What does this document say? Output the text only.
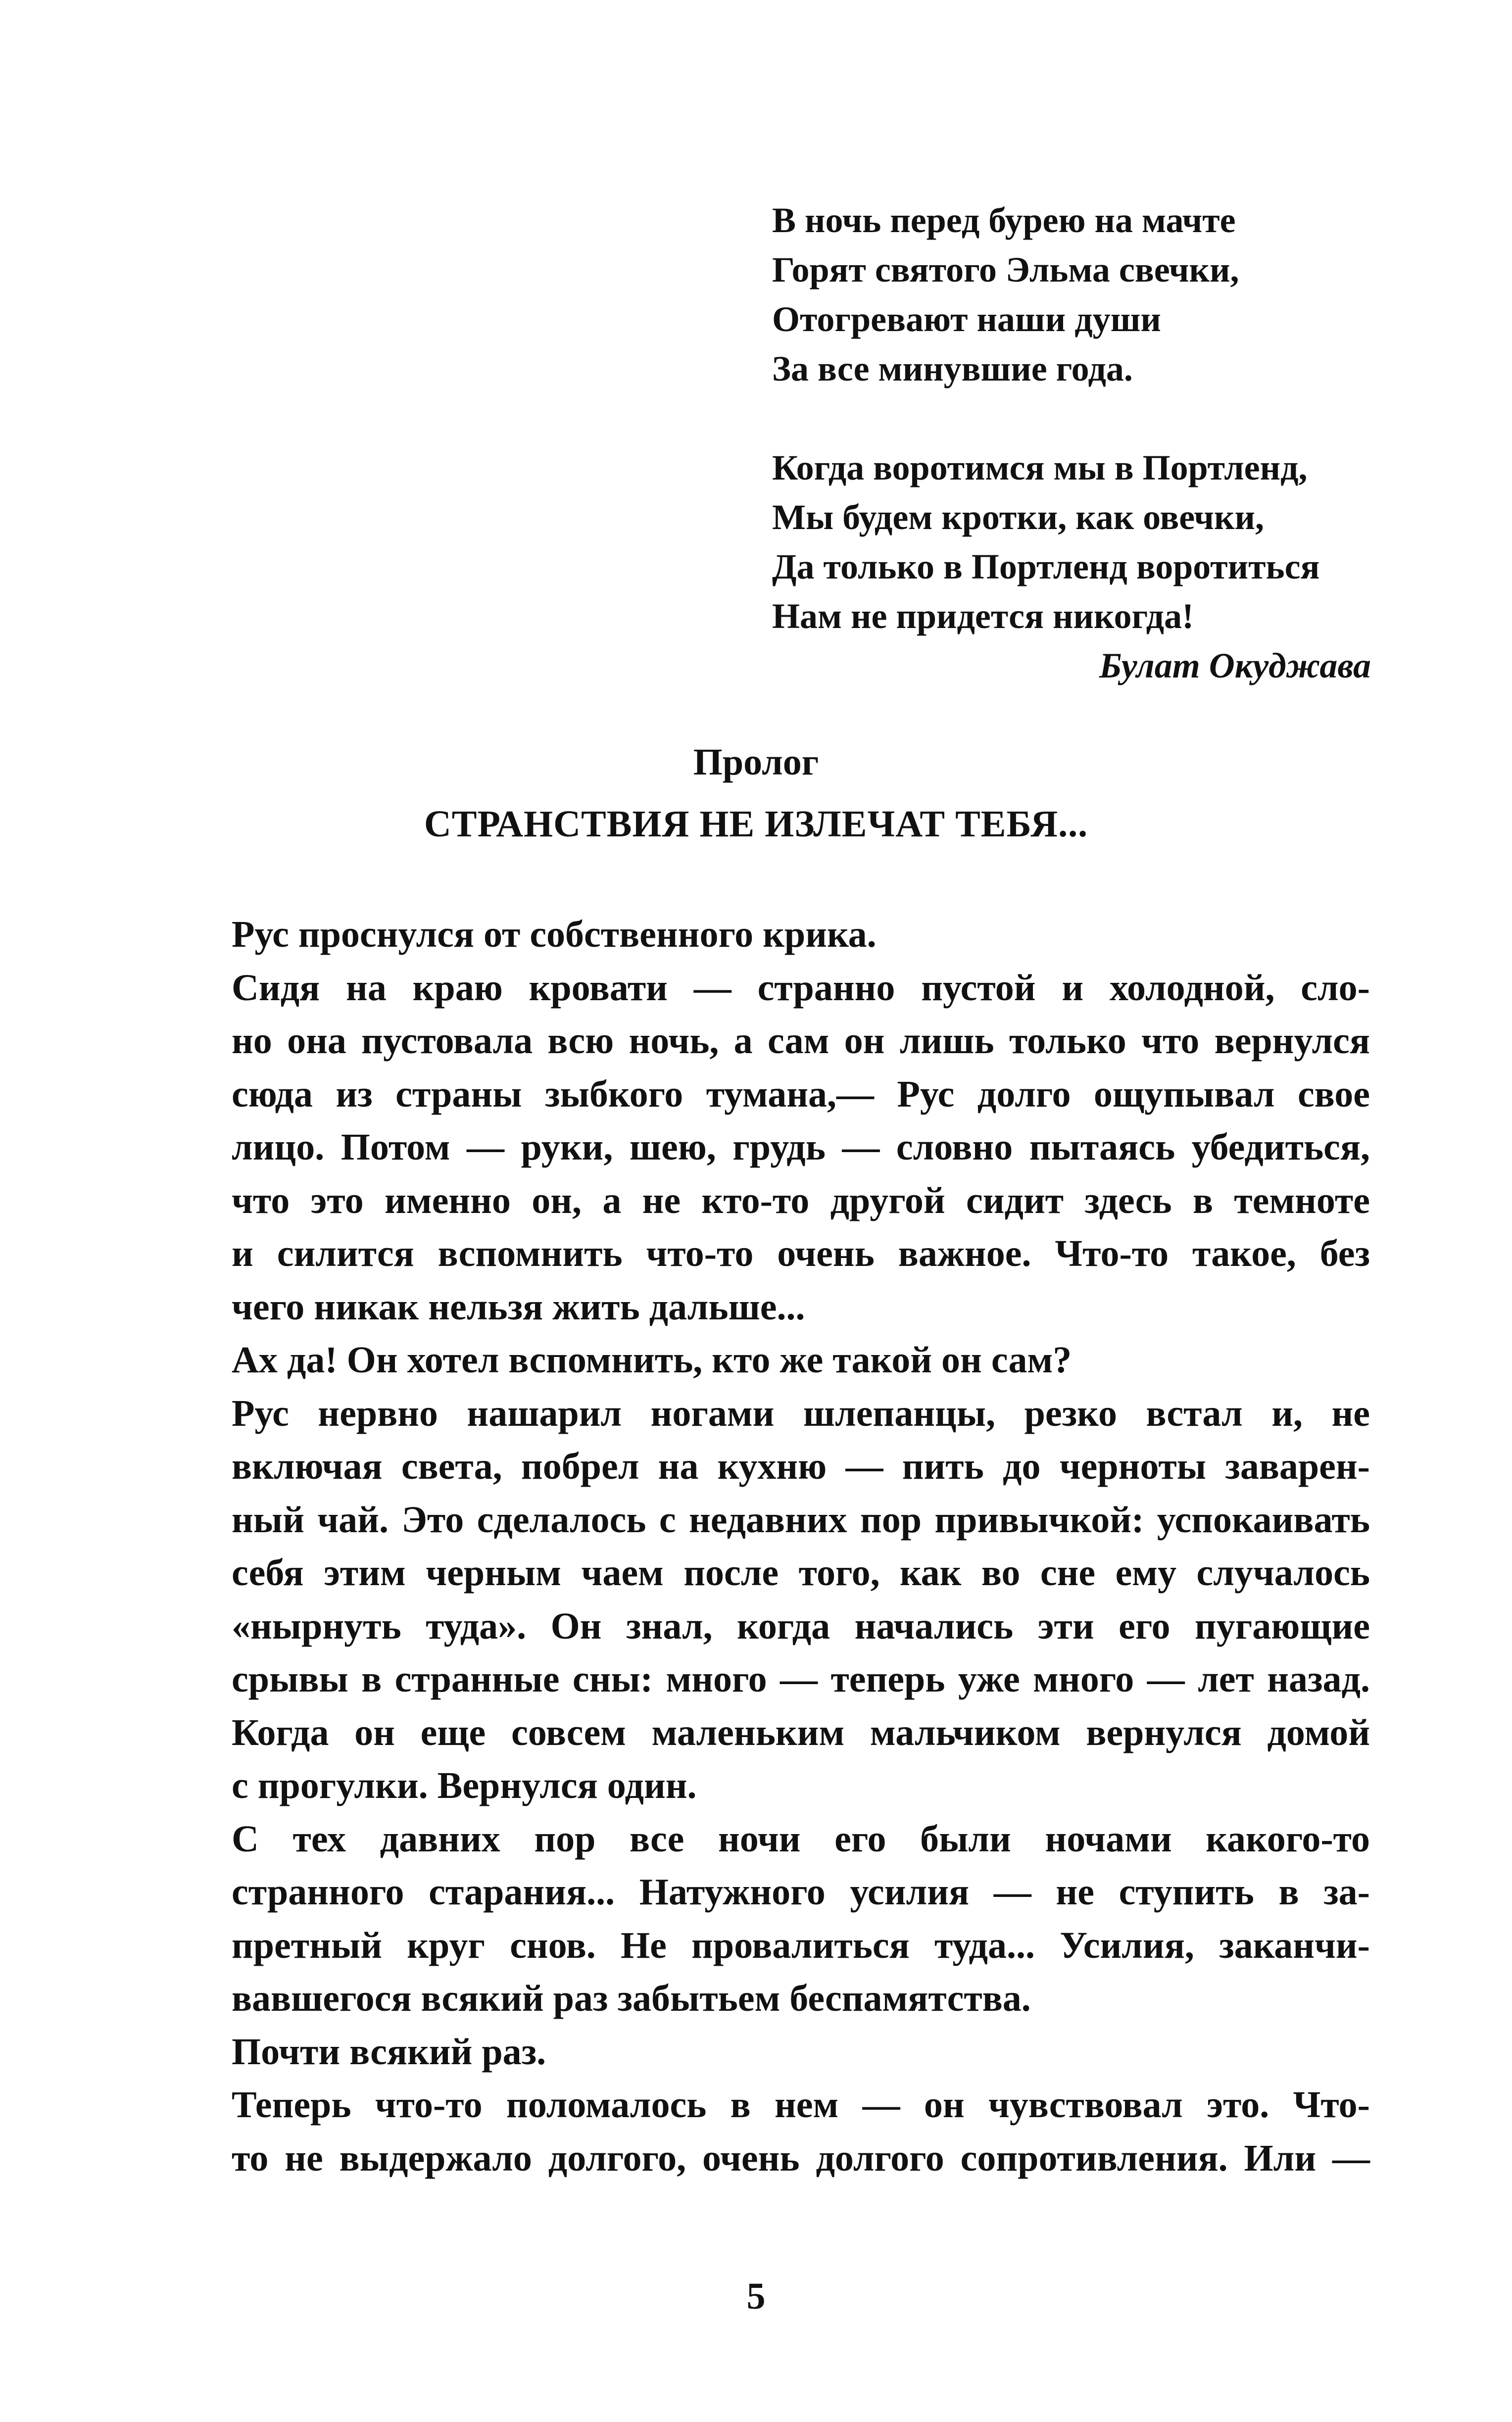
В ночь перед бурею на мачте
Горят святого Эльма свечки,
Отогревают наши души
За все минувшие года.
Когда воротимся мы в Портленд,
Мы будем кротки, как овечки,
Да только в Портленд воротиться
Нам не придется никогда!
Булат Окуджава
Пролог
СТРАНСТВИЯ НЕ ИЗЛЕЧАТ ТЕБЯ...
Рус проснулся от собственного крика.
Сидя на краю кровати — странно пустой и холодной, сло-
но она пустовала всю ночь, а сам он лишь только что вернулся
сюда из страны зыбкого тумана,— Рус долго ощупывал свое
лицо. Потом — руки, шею, грудь — словно пытаясь убедиться,
что это именно он, а не кто-то другой сидит здесь в темноте
и силится вспомнить что-то очень важное. Что-то такое, без
чего никак нельзя жить дальше...
Ах да! Он хотел вспомнить, кто же такой он сам?
Рус нервно нашарил ногами шлепанцы, резко встал и, не
включая света, побрел на кухню — пить до черноты заварен-
ный чай. Это сделалось с недавних пор привычкой: успокаивать
себя этим черным чаем после того, как во сне ему случалось
«нырнуть туда». Он знал, когда начались эти его пугающие
срывы в странные сны: много — теперь уже много — лет назад.
Когда он еще совсем маленьким мальчиком вернулся домой
с прогулки. Вернулся один.
С тех давних пор все ночи его были ночами какого-то
странного старания... Натужного усилия — не ступить в за-
претный круг снов. Не провалиться туда... Усилия, заканчи-
вавшегося всякий раз забытьем беспамятства.
Почти всякий раз.
Теперь что-то поломалось в нем — он чувствовал это. Что-
то не выдержало долгого, очень долгого сопротивления. Или —
5
